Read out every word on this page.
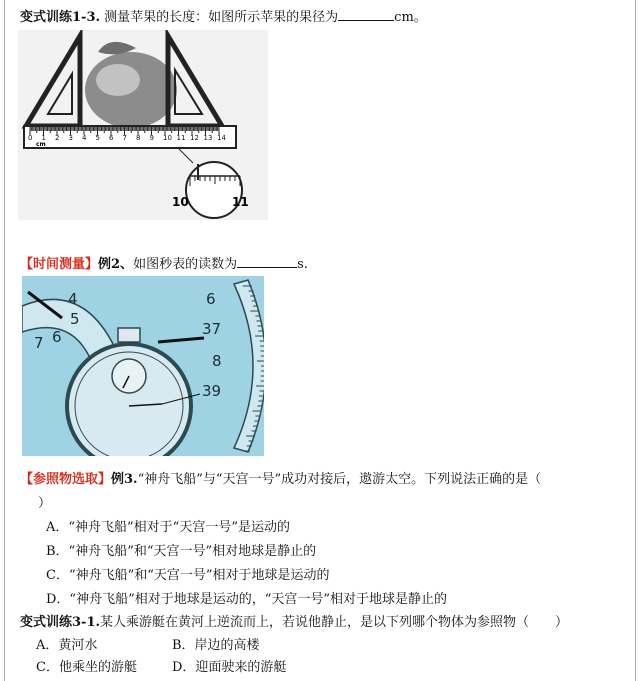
变式训练1-3. 测量苹果的长度：如图所示苹果的果径为	cm。
0 1 2 3 4 5 6 7 8 9 10 11 12 13 14
cm
10	11
【时间测量】例2、如图秒表的读数为	s.
4
5
6
7
6
37
8
39
【参照物选取】例3.“神舟飞船”与“天宫一号”成功对接后，遨游太空。下列说法正确的是（
）
A．“神舟飞船”相对于“天宫一号”是运动的
B．“神舟飞船”和“天宫一号”相对地球是静止的
C．“神舟飞船”和“天宫一号”相对于地球是运动的
D．“神舟飞船”相对于地球是运动的，“天宫一号”相对于地球是静止的
变式训练3-1.某人乘游艇在黄河上逆流而上，若说他静止，是以下列哪个物体为参照物（　　）
A．黄河水	B．岸边的高楼
C．他乘坐的游艇	D．迎面驶来的游艇
